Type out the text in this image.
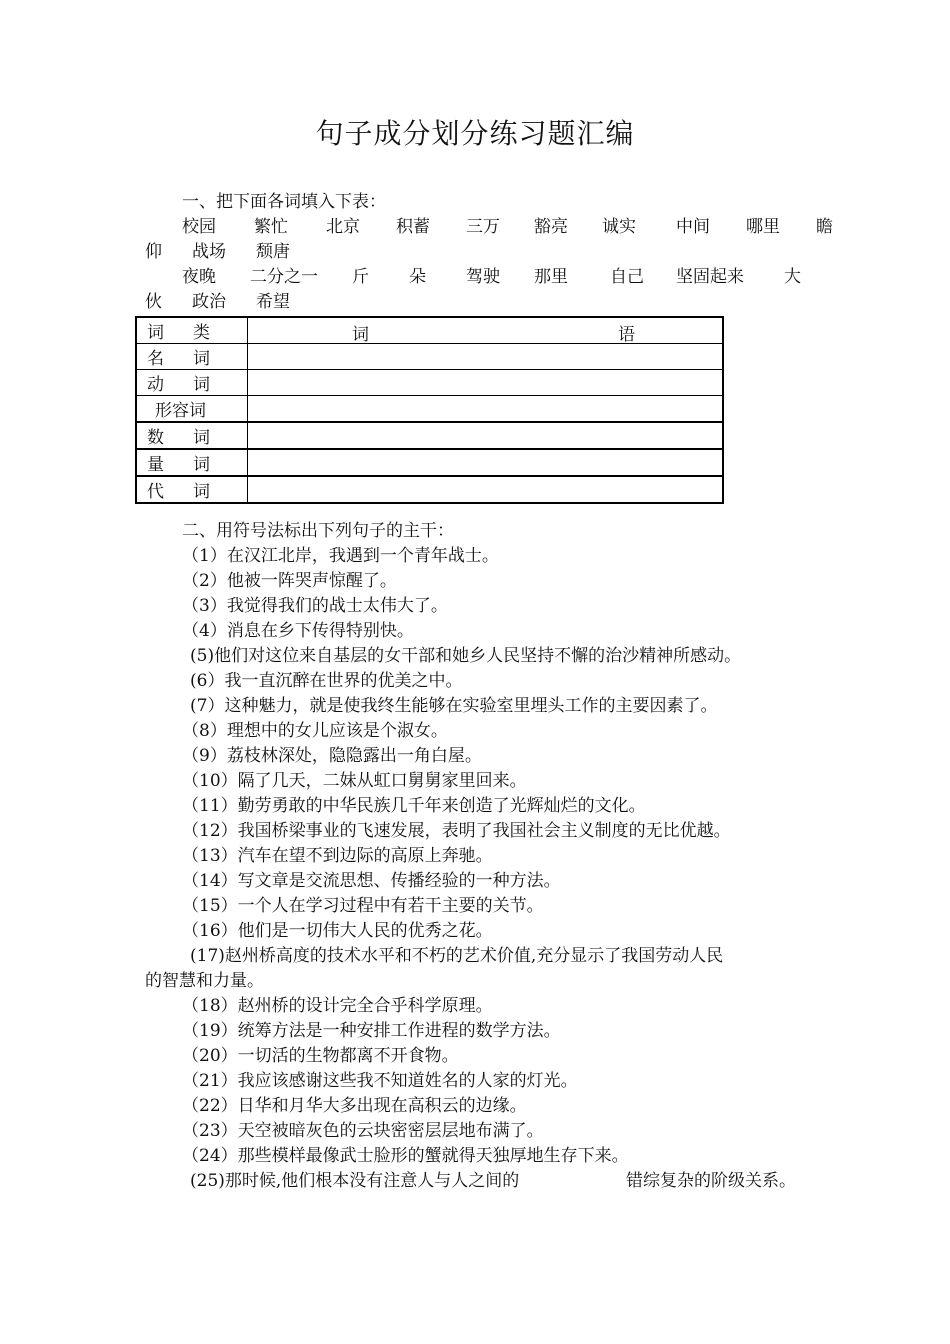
句子成分划分练习题汇编
一、把下面各词填入下表：
校园 繁忙 北京 积蓄 三万 豁亮 诚实 中间 哪里 瞻
仰 战场 颓唐
夜晚 二分之一 斤 朵 驾驶 那里 自己 坚固起来 大
伙 政治 希望
词 类	词 语

名 词	
动 词	
形容词	
数 词	
量 词	
代 词	
二、用符号法标出下列句子的主干：
（1）在汉江北岸，我遇到一个青年战士。
（2）他被一阵哭声惊醒了。
（3）我觉得我们的战士太伟大了。
（4）消息在乡下传得特别快。
(5)他们对这位来自基层的女干部和她乡人民坚持不懈的治沙精神所感动。
(6）我一直沉醉在世界的优美之中。
(7）这种魅力，就是使我终生能够在实验室里埋头工作的主要因素了。
（8）理想中的女儿应该是个淑女。
（9）荔枝林深处，隐隐露出一角白屋。
（10）隔了几天，二妹从虹口舅舅家里回来。
（11）勤劳勇敢的中华民族几千年来创造了光辉灿烂的文化。
（12）我国桥梁事业的飞速发展，表明了我国社会主义制度的无比优越。
（13）汽车在望不到边际的高原上奔驰。
（14）写文章是交流思想、传播经验的一种方法。
（15）一个人在学习过程中有若干主要的关节。
（16）他们是一切伟大人民的优秀之花。
(17)赵州桥高度的技术水平和不朽的艺术价值,充分显示了我国劳动人民
的智慧和力量。
（18）赵州桥的设计完全合乎科学原理。
（19）统筹方法是一种安排工作进程的数学方法。
（20）一切活的生物都离不开食物。
（21）我应该感谢这些我不知道姓名的人家的灯光。
（22）日华和月华大多出现在高积云的边缘。
（23）天空被暗灰色的云块密密层层地布满了。
（24）那些模样最像武士脸形的蟹就得天独厚地生存下来。
(25)那时候,他们根本没有注意人与人之间的	错综复杂的阶级关系。
